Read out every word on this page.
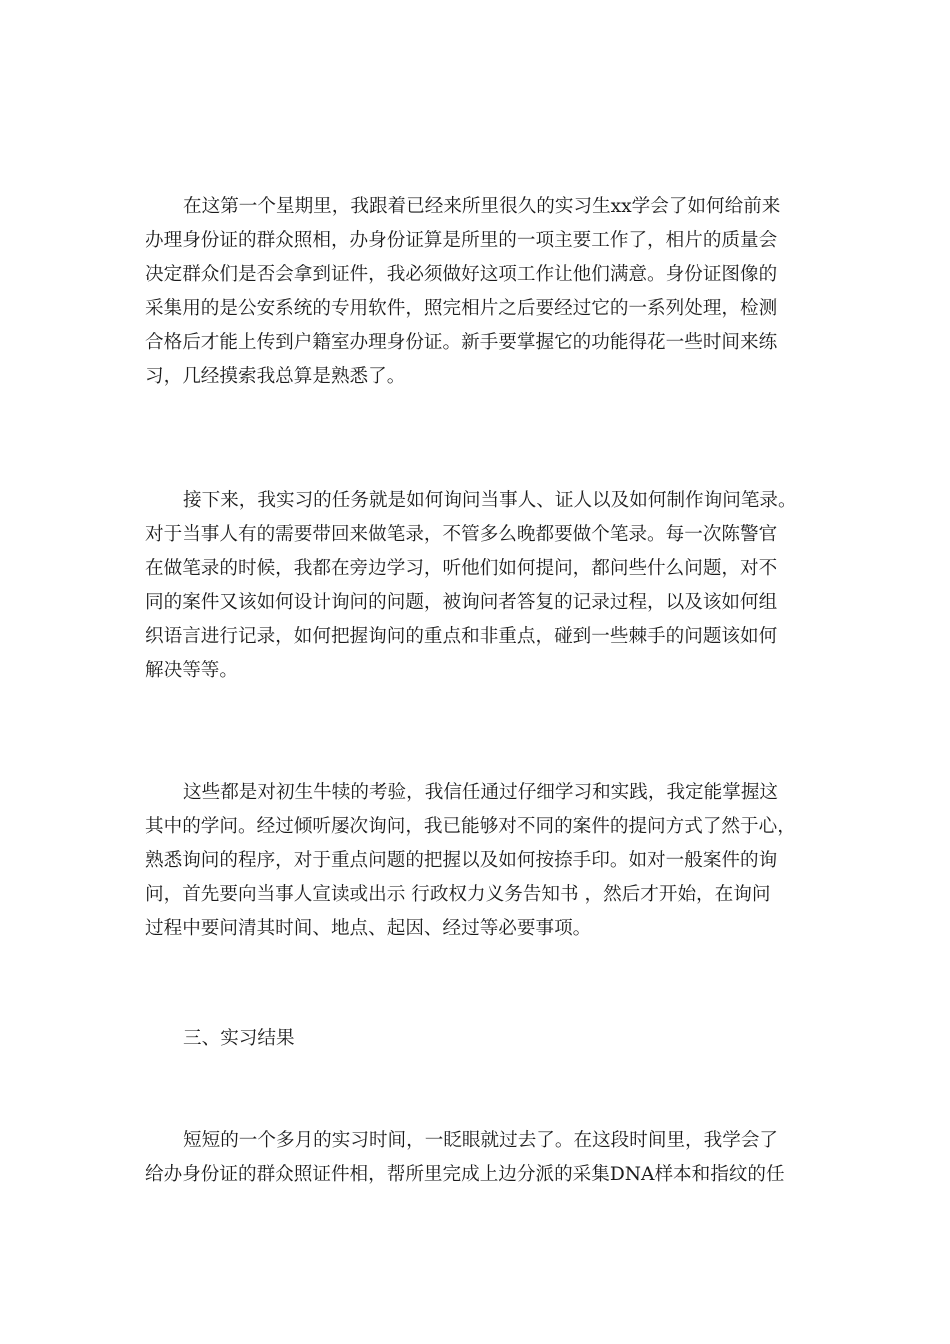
在这第一个星期里，我跟着已经来所里很久的实习生xx学会了如何给前来
办理身份证的群众照相，办身份证算是所里的一项主要工作了，相片的质量会
决定群众们是否会拿到证件，我必须做好这项工作让他们满意。身份证图像的
采集用的是公安系统的专用软件，照完相片之后要经过它的一系列处理，检测
合格后才能上传到户籍室办理身份证。新手要掌握它的功能得花一些时间来练
习，几经摸索我总算是熟悉了。
接下来，我实习的任务就是如何询问当事人、证人以及如何制作询问笔录。
对于当事人有的需要带回来做笔录，不管多么晚都要做个笔录。每一次陈警官
在做笔录的时候，我都在旁边学习，听他们如何提问，都问些什么问题，对不
同的案件又该如何设计询问的问题，被询问者答复的记录过程，以及该如何组
织语言进行记录，如何把握询问的重点和非重点，碰到一些棘手的问题该如何
解决等等。
这些都是对初生牛犊的考验，我信任通过仔细学习和实践，我定能掌握这
其中的学问。经过倾听屡次询问，我已能够对不同的案件的提问方式了然于心，
熟悉询问的程序，对于重点问题的把握以及如何按捺手印。如对一般案件的询
问，首先要向当事人宣读或出示 行政权力义务告知书 ，然后才开始，在询问
过程中要问清其时间、地点、起因、经过等必要事项。
三、实习结果
短短的一个多月的实习时间，一眨眼就过去了。在这段时间里，我学会了
给办身份证的群众照证件相，帮所里完成上边分派的采集DNA样本和指纹的任
